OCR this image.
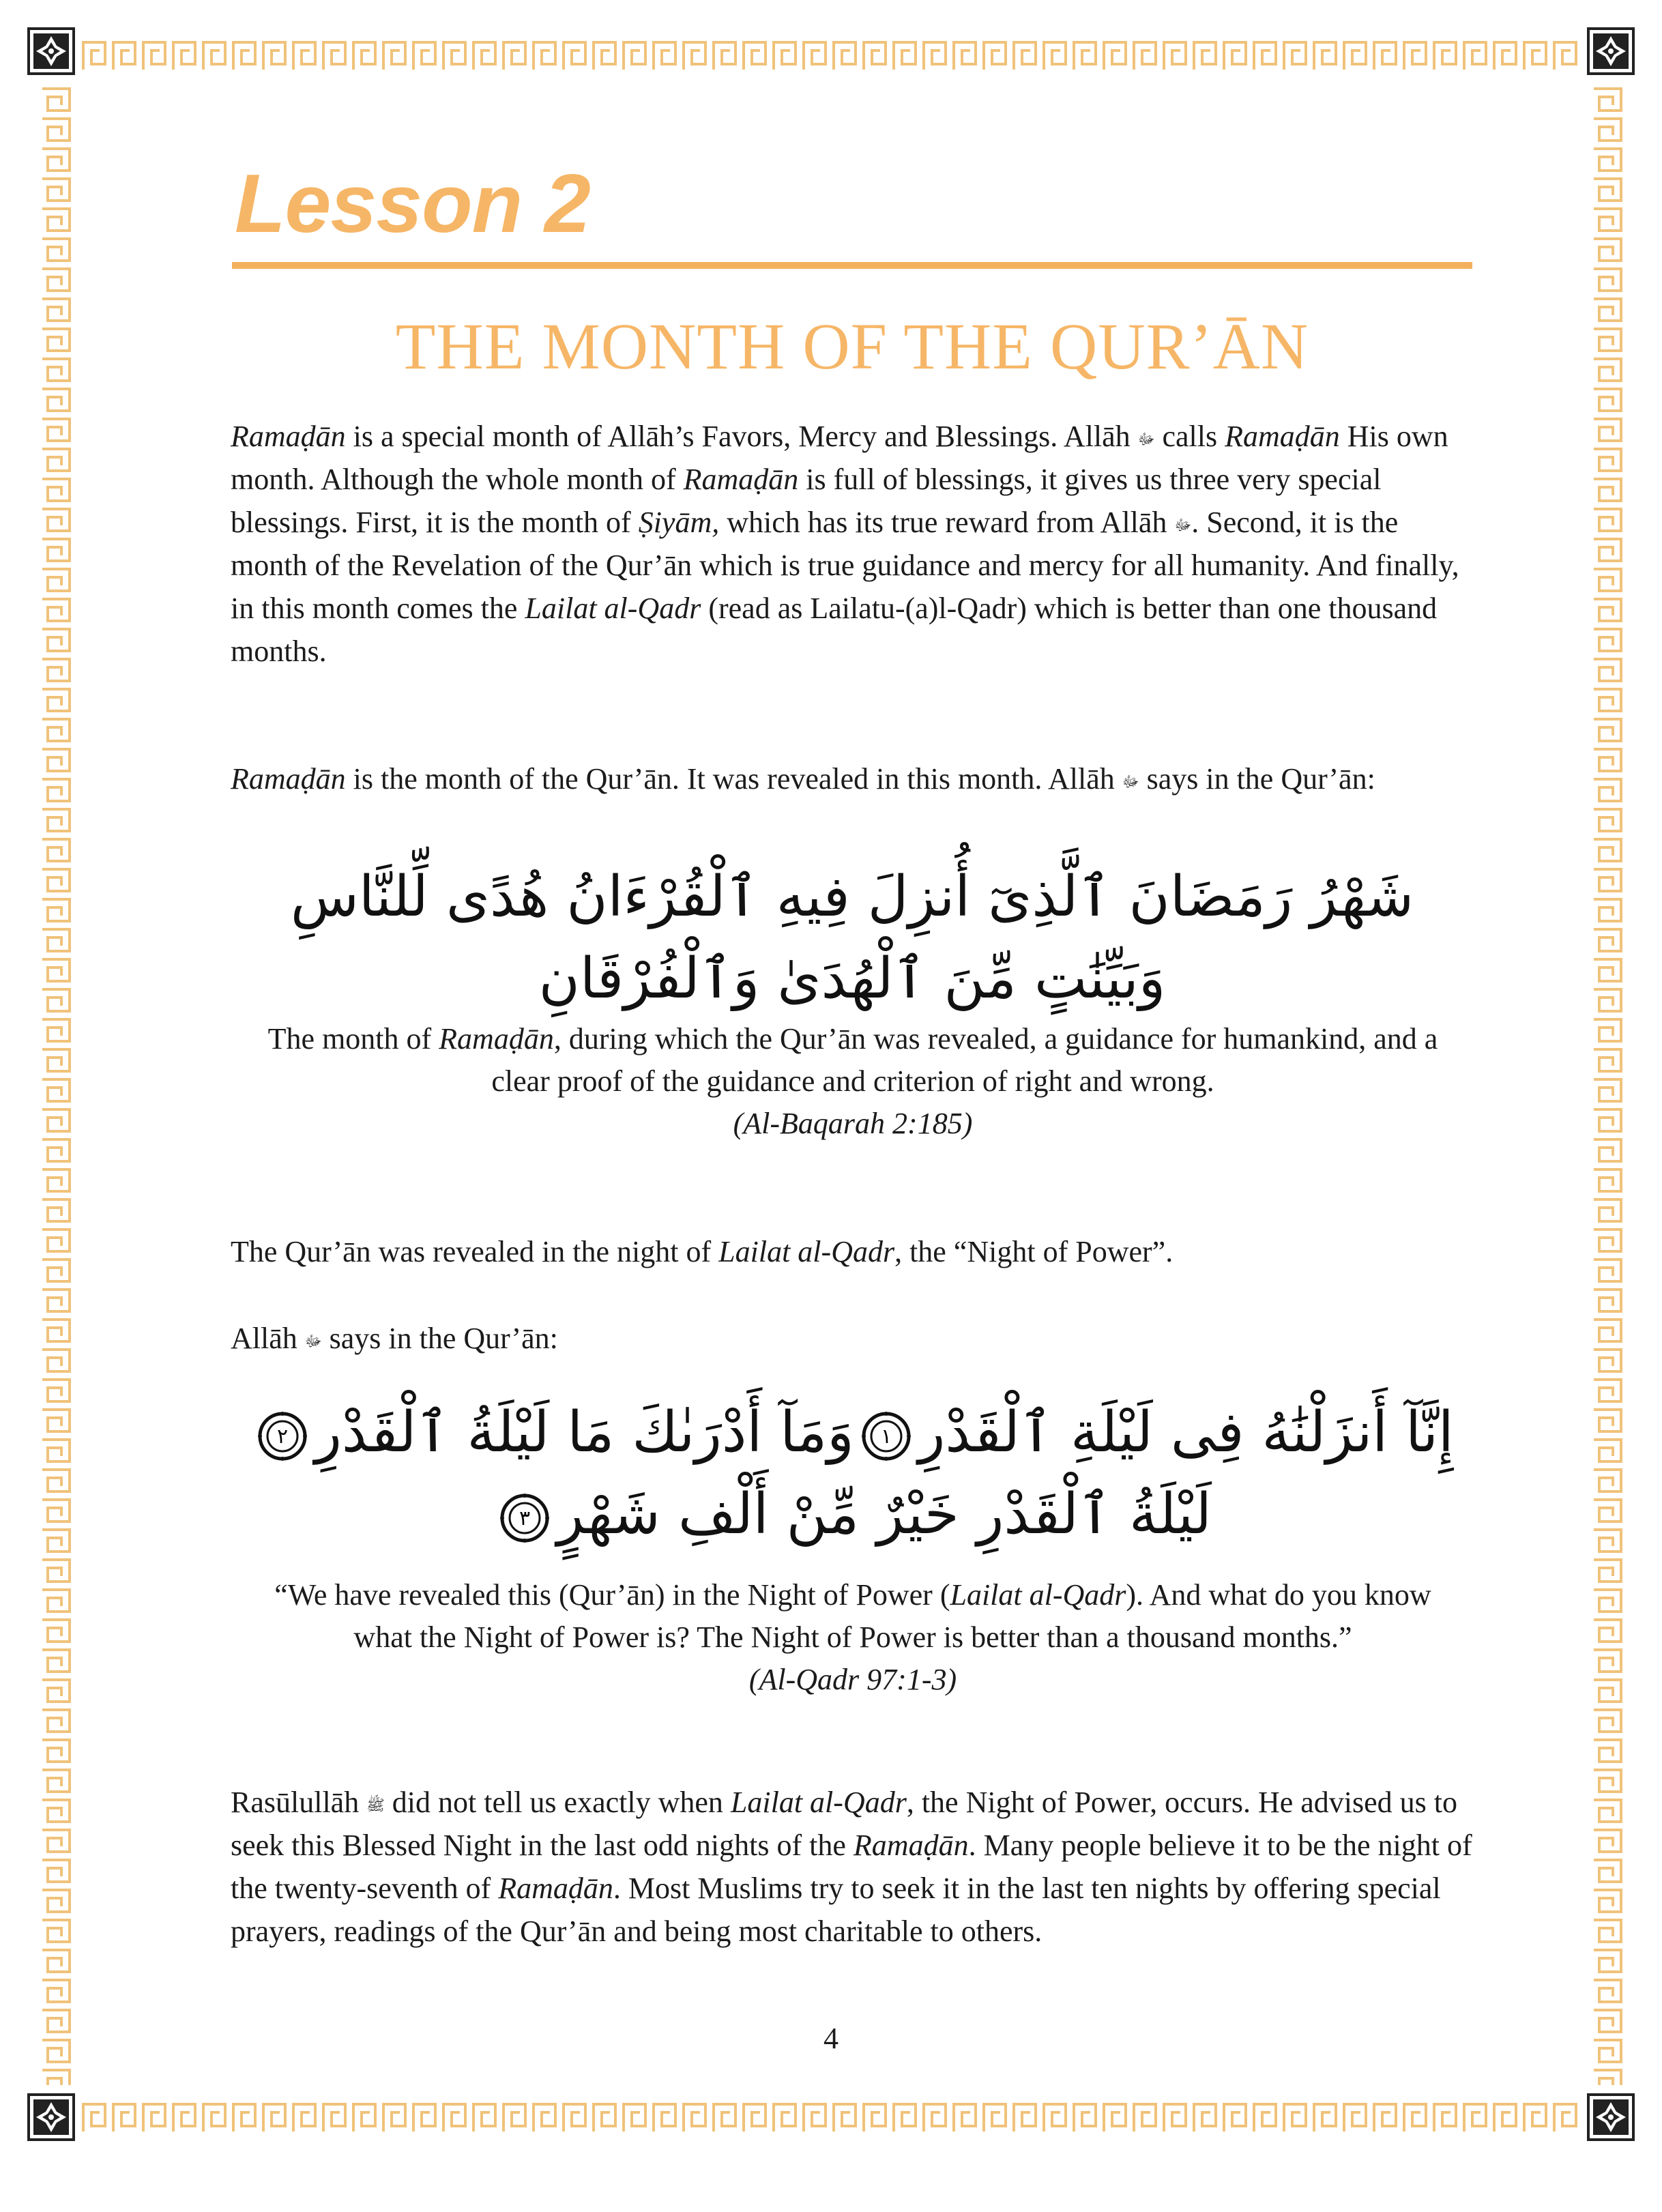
Lesson 2
THE MONTH OF THE QUR’ĀN

Ramaḍān is a special month of Allāh’s Favors, Mercy and Blessings. Allāh ﷻ calls Ramaḍān His own month. Although the whole month of Ramaḍān is full of blessings, it gives us three very special blessings. First, it is the month of Ṣiyām, which has its true reward from Allāh ﷻ. Second, it is the month of the Revelation of the Qur’ān which is true guidance and mercy for all humanity. And finally, in this month comes the Lailat al-Qadr (read as Lailatu-(a)l-Qadr) which is better than one thousand months.

Ramaḍān is the month of the Qur’ān. It was revealed in this month. Allāh ﷻ says in the Qur’ān:

شَهْرُ رَمَضَانَ ٱلَّذِىٓ أُنزِلَ فِيهِ ٱلْقُرْءَانُ هُدًى لِّلنَّاسِ
وَبَيِّنَٰتٍ مِّنَ ٱلْهُدَىٰ وَٱلْفُرْقَانِ

The month of Ramaḍān, during which the Qur’ān was revealed, a guidance for humankind, and a clear proof of the guidance and criterion of right and wrong.
(Al-Baqarah 2:185)

The Qur’ān was revealed in the night of Lailat al-Qadr, the “Night of Power”.

Allāh ﷻ says in the Qur’ān:

إِنَّآ أَنزَلْنَٰهُ فِى لَيْلَةِ ٱلْقَدْرِ
١
وَمَآ أَدْرَىٰكَ مَا لَيْلَةُ ٱلْقَدْرِ
٢
لَيْلَةُ ٱلْقَدْرِ خَيْرٌ مِّنْ أَلْفِ شَهْرٍ
٣

“We have revealed this (Qur’ān) in the Night of Power (Lailat al-Qadr). And what do you know what the Night of Power is? The Night of Power is better than a thousand months.”
(Al-Qadr 97:1-3)

Rasūlullāh ﷺ did not tell us exactly when Lailat al-Qadr, the Night of Power, occurs. He advised us to seek this Blessed Night in the last odd nights of the Ramaḍān. Many people believe it to be the night of the twenty-seventh of Ramaḍān. Most Muslims try to seek it in the last ten nights by offering special prayers, readings of the Qur’ān and being most charitable to others.

4
